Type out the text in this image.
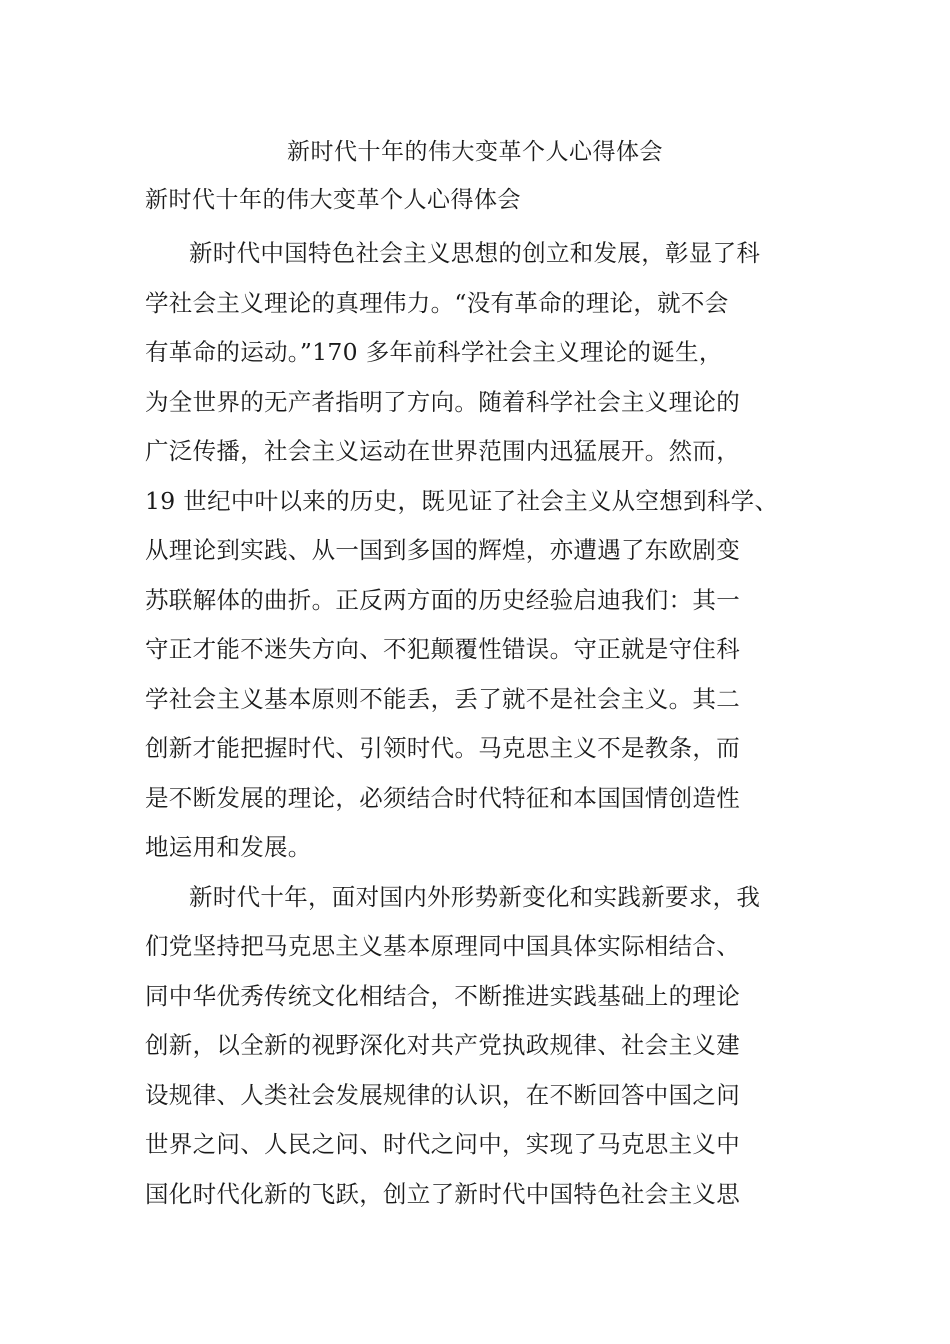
新时代十年的伟大变革个人心得体会
新时代十年的伟大变革个人心得体会

新时代中国特色社会主义思想的创立和发展，彰显了科
学社会主义理论的真理伟力。“没有革命的理论，就不会
有革命的运动。”170 多年前科学社会主义理论的诞生，
为全世界的无产者指明了方向。随着科学社会主义理论的
广泛传播，社会主义运动在世界范围内迅猛展开。然而，
19 世纪中叶以来的历史，既见证了社会主义从空想到科学、
从理论到实践、从一国到多国的辉煌，亦遭遇了东欧剧变
苏联解体的曲折。正反两方面的历史经验启迪我们：其一
守正才能不迷失方向、不犯颠覆性错误。守正就是守住科
学社会主义基本原则不能丢，丢了就不是社会主义。其二
创新才能把握时代、引领时代。马克思主义不是教条，而
是不断发展的理论，必须结合时代特征和本国国情创造性
地运用和发展。

新时代十年，面对国内外形势新变化和实践新要求，我
们党坚持把马克思主义基本原理同中国具体实际相结合、
同中华优秀传统文化相结合，不断推进实践基础上的理论
创新，以全新的视野深化对共产党执政规律、社会主义建
设规律、人类社会发展规律的认识，在不断回答中国之问
世界之问、人民之问、时代之问中，实现了马克思主义中
国化时代化新的飞跃，创立了新时代中国特色社会主义思
